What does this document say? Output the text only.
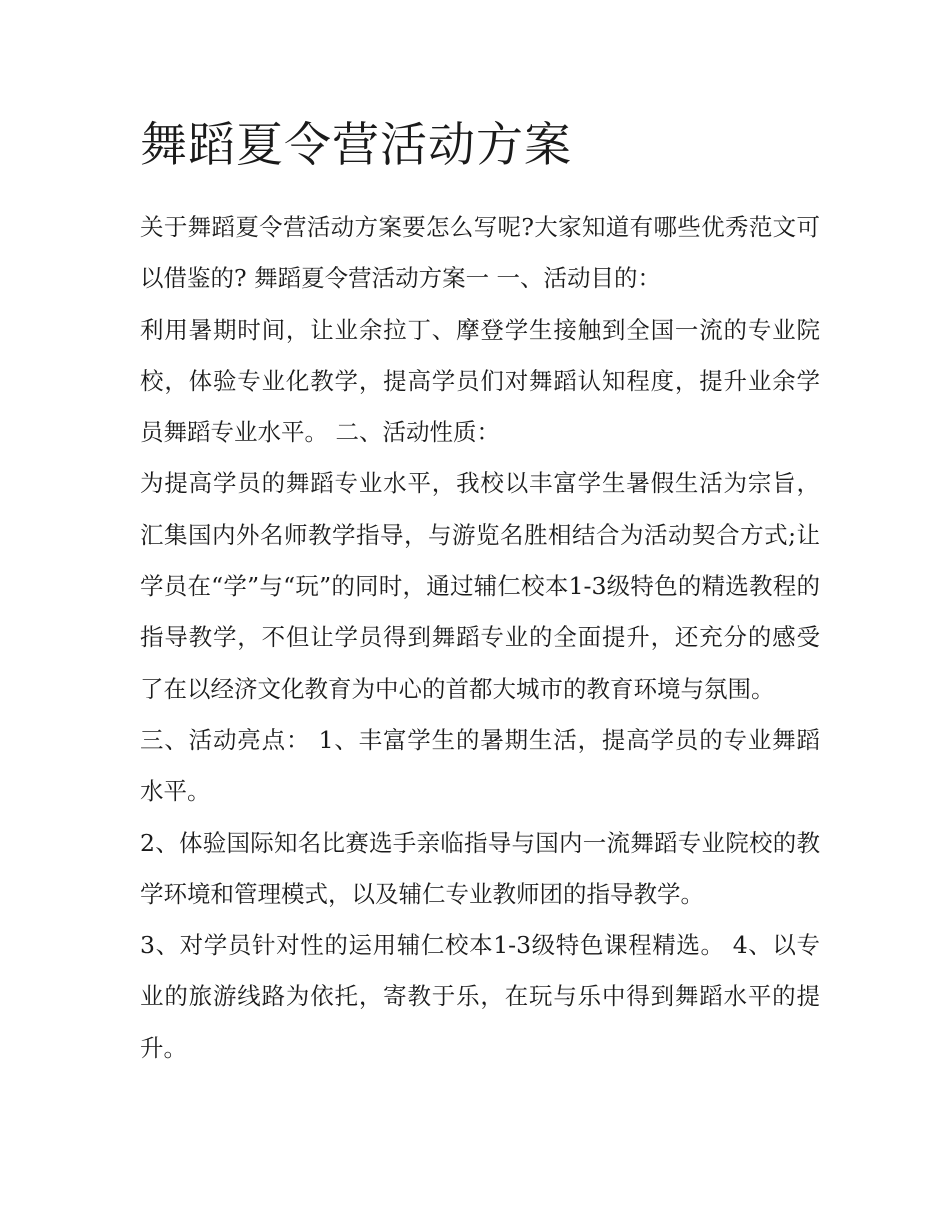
舞蹈夏令营活动方案

关于舞蹈夏令营活动方案要怎么写呢?大家知道有哪些优秀范文可以借鉴的? 舞蹈夏令营活动方案一 一、活动目的：

利用暑期时间，让业余拉丁、摩登学生接触到全国一流的专业院校，体验专业化教学，提高学员们对舞蹈认知程度，提升业余学员舞蹈专业水平。 二、活动性质：

为提高学员的舞蹈专业水平，我校以丰富学生暑假生活为宗旨，汇集国内外名师教学指导，与游览名胜相结合为活动契合方式;让学员在“学”与“玩”的同时，通过辅仁校本1-3级特色的精选教程的指导教学，不但让学员得到舞蹈专业的全面提升，还充分的感受了在以经济文化教育为中心的首都大城市的教育环境与氛围。

三、活动亮点： 1、丰富学生的暑期生活，提高学员的专业舞蹈水平。

2、体验国际知名比赛选手亲临指导与国内一流舞蹈专业院校的教学环境和管理模式，以及辅仁专业教师团的指导教学。

3、对学员针对性的运用辅仁校本1-3级特色课程精选。 4、以专业的旅游线路为依托，寄教于乐，在玩与乐中得到舞蹈水平的提升。
